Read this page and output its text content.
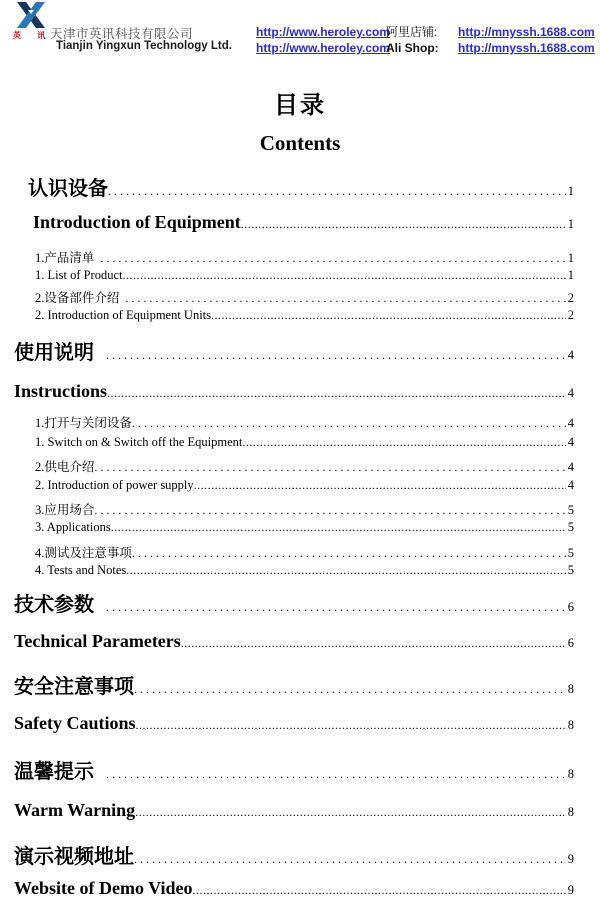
英 讯
天津市英讯科技有限公司
Tianjin Yingxun Technology Ltd.
http://www.heroley.com
阿里店铺:	http://mnyssh.1688.com
http://www.heroley.com
Ali Shop:	http://mnyssh.1688.com
目录
Contents
认识设备 .....	1
Introduction of Equipment .....	1
1.产品清单 .....	1
1. List of Product .....	1
2.设备部件介绍 .....	2
2. Introduction of Equipment Units .....	2
使用说明 .....	4
Instructions .....	4
1.打开与关闭设备 .....	4
1. Switch on & Switch off the Equipment .....	4
2.供电介绍 .....	4
2. Introduction of power supply .....	4
3.应用场合 .....	5
3. Applications .....	5
4.测试及注意事项 .....	5
4. Tests and Notes .....	5
技术参数 .....	6
Technical Parameters .....	6
安全注意事项 .....	8
Safety Cautions .....	8
温馨提示 .....	8
Warm Warning .....	8
演示视频地址 .....	9
Website of Demo Video .....	9
